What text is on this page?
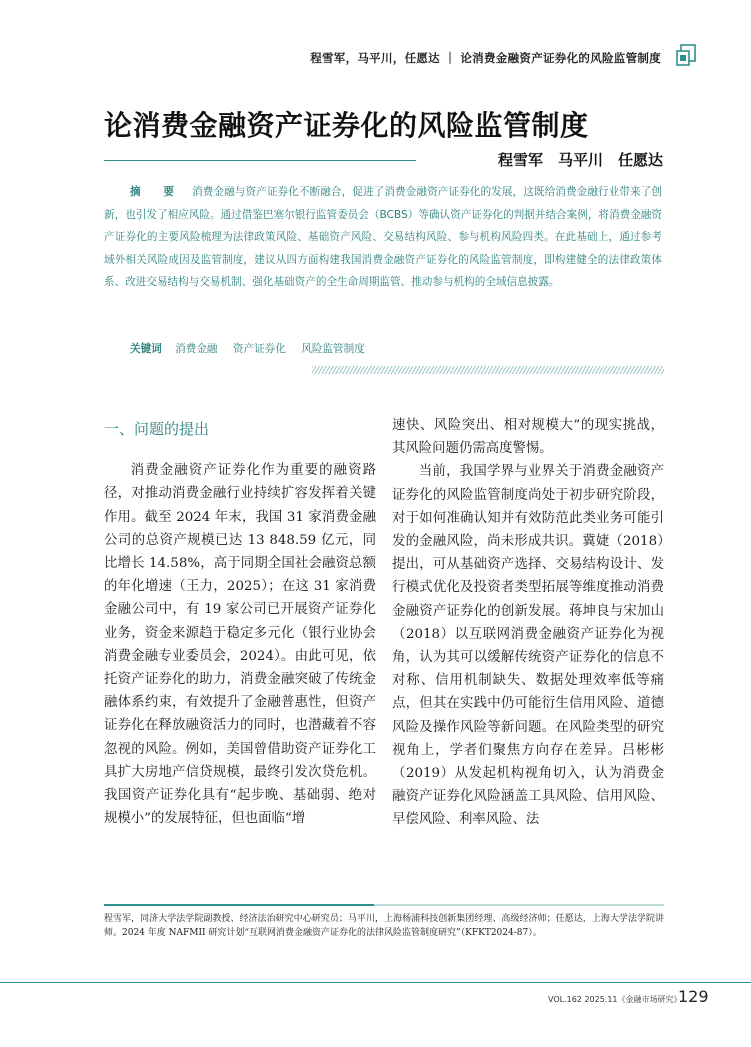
程雪军，马平川，任愿达 ｜ 论消费金融资产证券化的风险监管制度
论消费金融资产证券化的风险监管制度
程雪军　马平川　任愿达
摘　要 消费金融与资产证券化不断融合，促进了消费金融资产证券化的发展，这既给消费金融行业带来了创新，也引发了相应风险。通过借鉴巴塞尔银行监管委员会（BCBS）等确认资产证券化的判据并结合案例，将消费金融资产证券化的主要风险梳理为法律政策风险、基础资产风险、交易结构风险、参与机构风险四类。在此基础上，通过参考域外相关风险成因及监管制度，建议从四方面构建我国消费金融资产证券化的风险监管制度，即构建健全的法律政策体系、改进交易结构与交易机制、强化基础资产的全生命周期监管、推动参与机构的全域信息披露。
关键词 消费金融 资产证券化 风险监管制度
一、问题的提出

消费金融资产证券化作为重要的融资路径，对推动消费金融行业持续扩容发挥着关键作用。截至 2024 年末，我国 31 家消费金融公司的总资产规模已达 13 848.59 亿元，同比增长 14.58%，高于同期全国社会融资总额的年化增速（王力，2025）；在这 31 家消费金融公司中，有 19 家公司已开展资产证券化业务，资金来源趋于稳定多元化（银行业协会消费金融专业委员会，2024）。由此可见，依托资产证券化的助力，消费金融突破了传统金融体系约束，有效提升了金融普惠性，但资产证券化在释放融资活力的同时，也潜藏着不容忽视的风险。例如，美国曾借助资产证券化工具扩大房地产信贷规模，最终引发次贷危机。我国资产证券化具有“起步晚、基础弱、绝对规模小”的发展特征，但也面临“增

速快、风险突出、相对规模大”的现实挑战，其风险问题仍需高度警惕。

当前，我国学界与业界关于消费金融资产证券化的风险监管制度尚处于初步研究阶段，对于如何准确认知并有效防范此类业务可能引发的金融风险，尚未形成共识。冀婕（2018）提出，可从基础资产选择、交易结构设计、发行模式优化及投资者类型拓展等维度推动消费金融资产证券化的创新发展。蒋坤良与宋加山（2018）以互联网消费金融资产证券化为视角，认为其可以缓解传统资产证券化的信息不对称、信用机制缺失、数据处理效率低等痛点，但其在实践中仍可能衍生信用风险、道德风险及操作风险等新问题。在风险类型的研究视角上，学者们聚焦方向存在差异。吕彬彬（2019）从发起机构视角切入，认为消费金融资产证券化风险涵盖工具风险、信用风险、早偿风险、利率风险、法

程雪军，同济大学法学院副教授、经济法治研究中心研究员；马平川，上海杨浦科技创新集团经理、高级经济师；任愿达，上海大学法学院讲师。2024 年度 NAFMII 研究计划“互联网消费金融资产证券化的法律风险监管制度研究”（KFKT2024-87）。
VOL.162 2025.11《金融市场研究》
129
